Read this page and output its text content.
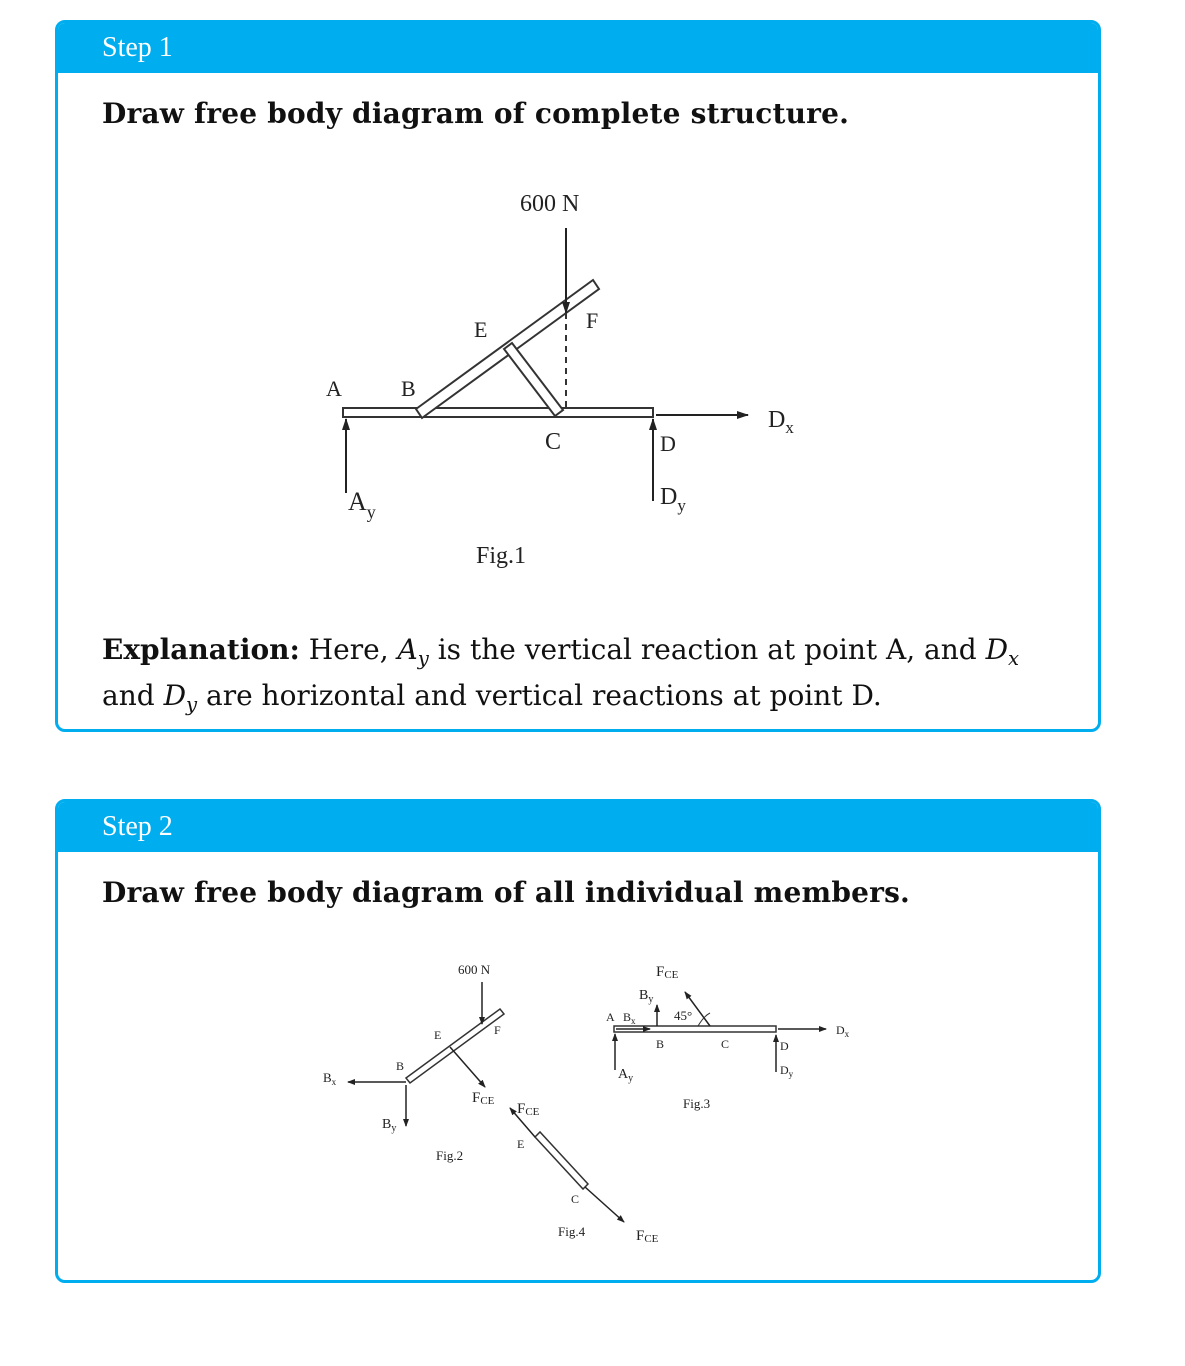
Step 1
Draw free body diagram of complete structure.
600 N
$A_y$
$D_y$
$D_x$
A	B
E	F
C	D
Fig.1
Explanation: Here, $A_y$ is the vertical reaction at point A, and $D_x$ and $D_y$ are horizontal and vertical reactions at point D.
Step 2
Draw free body diagram of all individual members.
600 N
E	F
B
$B_x$
$B_y$
FCE
Fig.2
FCE
E
C
FCE
Fig.4
FCE
45°
$B_y$
A $B_x$
$A_y$
B	C	D
$D_y$
$D_x$
Fig.3
